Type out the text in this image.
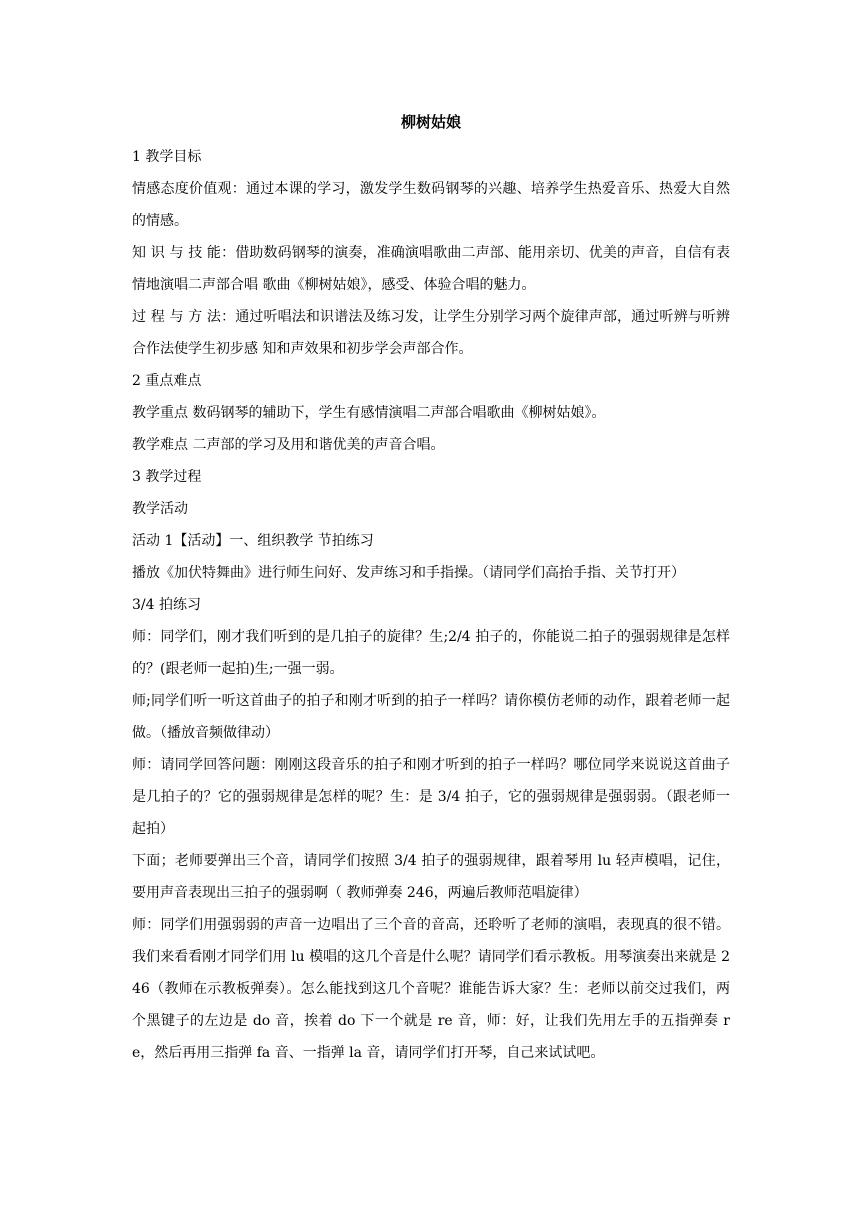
柳树姑娘

1 教学目标

情感态度价值观：通过本课的学习，激发学生数码钢琴的兴趣、培养学生热爱音乐、热爱大自然的情感。

知 识 与 技 能：借助数码钢琴的演奏，准确演唱歌曲二声部、能用亲切、优美的声音，自信有表情地演唱二声部合唱 歌曲《柳树姑娘》，感受、体验合唱的魅力。

过 程 与 方 法：通过听唱法和识谱法及练习发，让学生分别学习两个旋律声部，通过听辨与听辨合作法使学生初步感 知和声效果和初步学会声部合作。

2 重点难点

教学重点 数码钢琴的辅助下，学生有感情演唱二声部合唱歌曲《柳树姑娘》。

教学难点 二声部的学习及用和谐优美的声音合唱。

3 教学过程

教学活动

活动 1【活动】一、组织教学 节拍练习

播放《加伏特舞曲》进行师生问好、发声练习和手指操。（请同学们高抬手指、关节打开）

3/4 拍练习

师：同学们，刚才我们听到的是几拍子的旋律？生;2/4 拍子的，你能说二拍子的强弱规律是怎样的？(跟老师一起拍)生;一强一弱。

师;同学们听一听这首曲子的拍子和刚才听到的拍子一样吗？请你模仿老师的动作，跟着老师一起做。（播放音频做律动）

师：请同学回答问题：刚刚这段音乐的拍子和刚才听到的拍子一样吗？哪位同学来说说这首曲子是几拍子的？它的强弱规律是怎样的呢？生：是 3/4 拍子，它的强弱规律是强弱弱。（跟老师一起拍）

下面；老师要弹出三个音，请同学们按照 3/4 拍子的强弱规律，跟着琴用 lu 轻声模唱，记住，要用声音表现出三拍子的强弱啊（ 教师弹奏 246，两遍后教师范唱旋律）

师：同学们用强弱弱的声音一边唱出了三个音的音高，还聆听了老师的演唱，表现真的很不错。我们来看看刚才同学们用 lu 模唱的这几个音是什么呢？请同学们看示教板。用琴演奏出来就是 246（教师在示教板弹奏）。怎么能找到这几个音呢？谁能告诉大家？生：老师以前交过我们，两个黑键子的左边是 do 音，挨着 do 下一个就是 re 音，师：好，让我们先用左手的五指弹奏 re，然后再用三指弹 fa 音、一指弹 la 音，请同学们打开琴，自己来试试吧。
